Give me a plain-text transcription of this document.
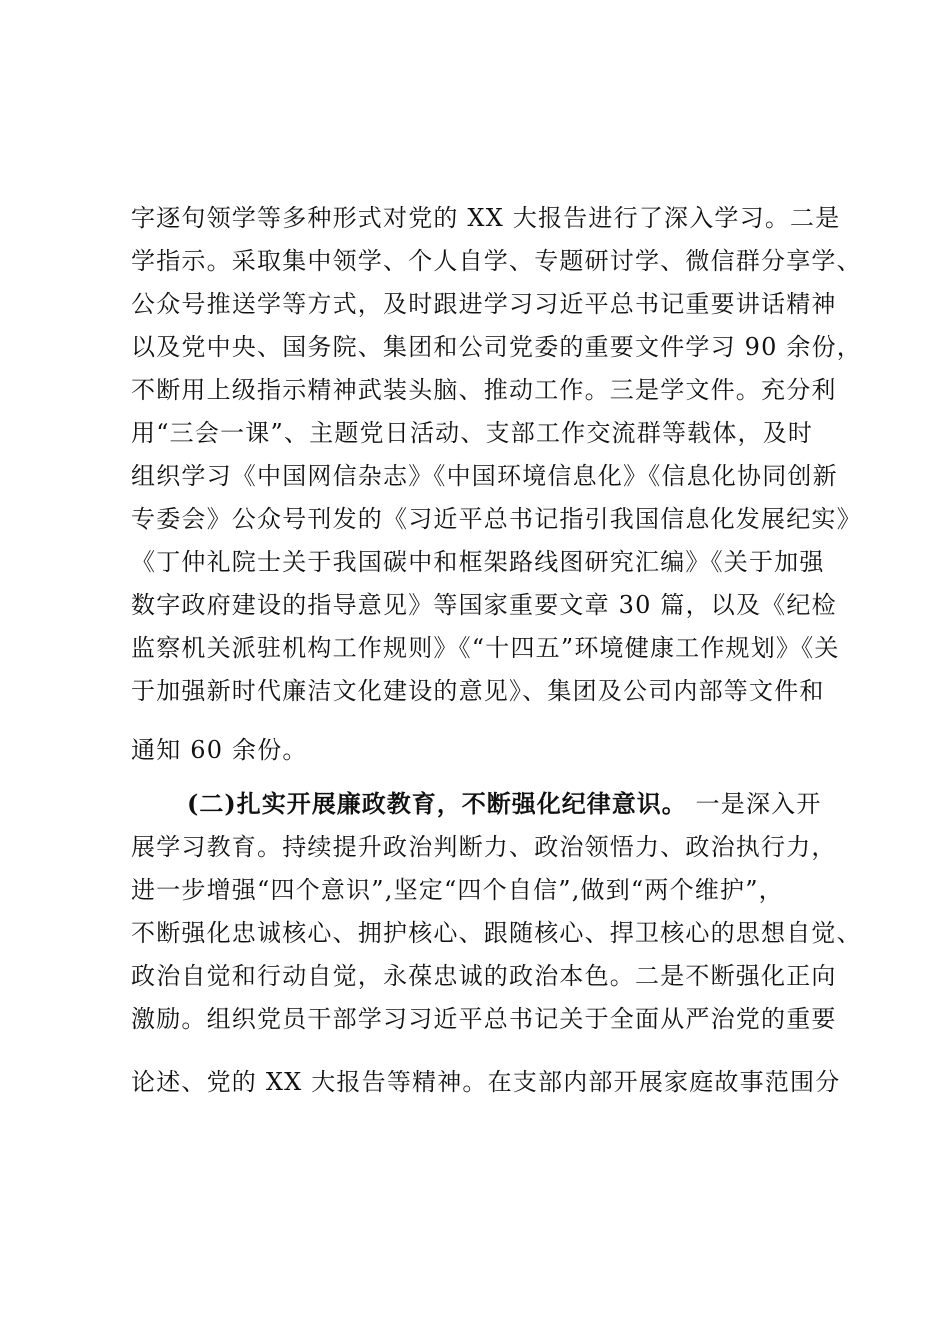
字逐句领学等多种形式对党的 XX 大报告进行了深入学习。二是
学指示。采取集中领学、个人自学、专题研讨学、微信群分享学、
公众号推送学等方式，及时跟进学习习近平总书记重要讲话精神
以及党中央、国务院、集团和公司党委的重要文件学习 90 余份，
不断用上级指示精神武装头脑、推动工作。三是学文件。充分利
用“三会一课”、主题党日活动、支部工作交流群等载体，及时
组织学习《中国网信杂志》《中国环境信息化》《信息化协同创新
专委会》公众号刊发的《习近平总书记指引我国信息化发展纪实》
《丁仲礼院士关于我国碳中和框架路线图研究汇编》《关于加强
数字政府建设的指导意见》等国家重要文章 30 篇，以及《纪检
监察机关派驻机构工作规则》《“十四五”环境健康工作规划》《关
于加强新时代廉洁文化建设的意见》、集团及公司内部等文件和
通知 60 余份。
(二)扎实开展廉政教育，不断强化纪律意识。 一是深入开
展学习教育。持续提升政治判断力、政治领悟力、政治执行力，
进一步增强“四个意识”,坚定“四个自信”,做到“两个维护”，
不断强化忠诚核心、拥护核心、跟随核心、捍卫核心的思想自觉、
政治自觉和行动自觉，永葆忠诚的政治本色。二是不断强化正向
激励。组织党员干部学习习近平总书记关于全面从严治党的重要
论述、党的 XX 大报告等精神。在支部内部开展家庭故事范围分
